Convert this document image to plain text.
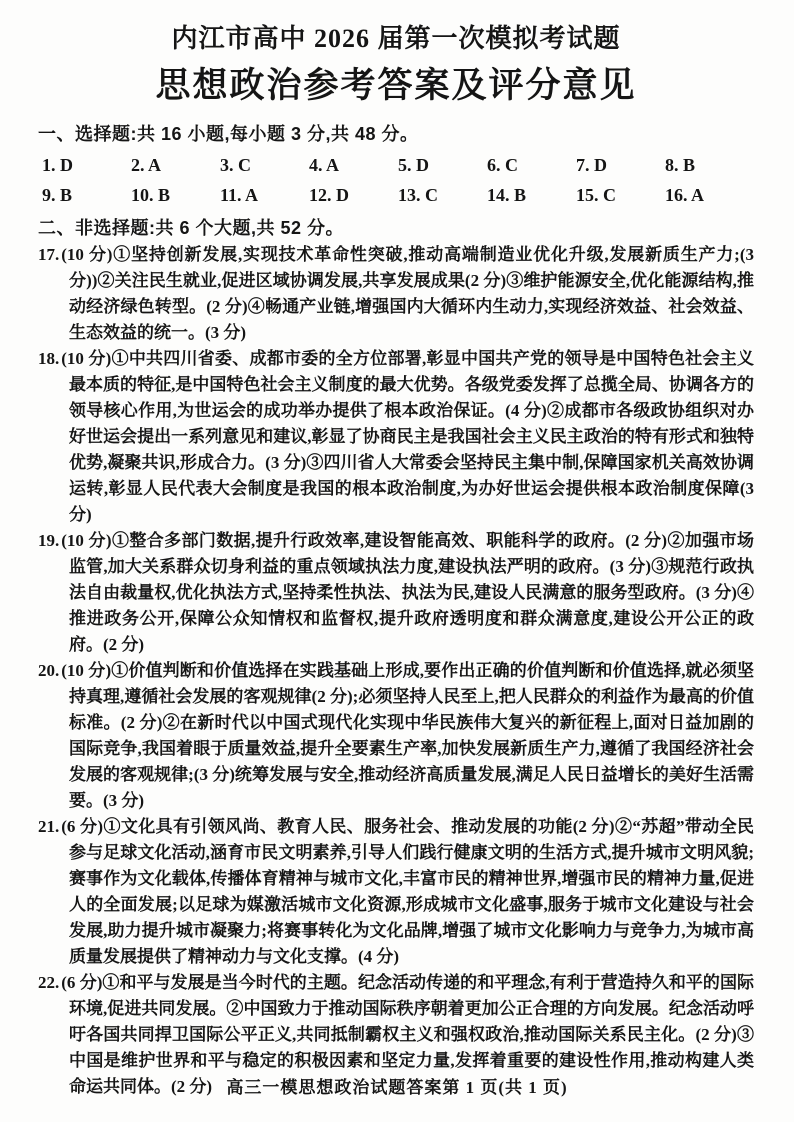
内江市高中 2026 届第一次模拟考试题
思想政治参考答案及评分意见

一、选择题:共 16 小题,每小题 3 分,共 48 分。

1. D	2. A	3. C	4. A	5. D	6. C	7. D	8. B
9. B	10. B	11. A	12. D	13. C	14. B	15. C	16. A

二、非选择题:共 6 个大题,共 52 分。

17. (10 分)①坚持创新发展,实现技术革命性突破,推动高端制造业优化升级,发展新质生产力;(3 分))②关注民生就业,促进区域协调发展,共享发展成果(2 分)③维护能源安全,优化能源结构,推动经济绿色转型。(2 分)④畅通产业链,增强国内大循环内生动力,实现经济效益、社会效益、生态效益的统一。(3 分)

18. (10 分)①中共四川省委、成都市委的全方位部署,彰显中国共产党的领导是中国特色社会主义最本质的特征,是中国特色社会主义制度的最大优势。各级党委发挥了总揽全局、协调各方的领导核心作用,为世运会的成功举办提供了根本政治保证。(4 分)②成都市各级政协组织对办好世运会提出一系列意见和建议,彰显了协商民主是我国社会主义民主政治的特有形式和独特优势,凝聚共识,形成合力。(3 分)③四川省人大常委会坚持民主集中制,保障国家机关高效协调运转,彰显人民代表大会制度是我国的根本政治制度,为办好世运会提供根本政治制度保障(3 分)

19. (10 分)①整合多部门数据,提升行政效率,建设智能高效、职能科学的政府。(2 分)②加强市场监管,加大关系群众切身利益的重点领域执法力度,建设执法严明的政府。(3 分)③规范行政执法自由裁量权,优化执法方式,坚持柔性执法、执法为民,建设人民满意的服务型政府。(3 分)④推进政务公开,保障公众知情权和监督权,提升政府透明度和群众满意度,建设公开公正的政府。(2 分)

20. (10 分)①价值判断和价值选择在实践基础上形成,要作出正确的价值判断和价值选择,就必须坚持真理,遵循社会发展的客观规律(2 分);必须坚持人民至上,把人民群众的利益作为最高的价值标准。(2 分)②在新时代以中国式现代化实现中华民族伟大复兴的新征程上,面对日益加剧的国际竞争,我国着眼于质量效益,提升全要素生产率,加快发展新质生产力,遵循了我国经济社会发展的客观规律;(3 分)统筹发展与安全,推动经济高质量发展,满足人民日益增长的美好生活需要。(3 分)

21. (6 分)①文化具有引领风尚、教育人民、服务社会、推动发展的功能(2 分)②“苏超”带动全民参与足球文化活动,涵育市民文明素养,引导人们践行健康文明的生活方式,提升城市文明风貌;赛事作为文化载体,传播体育精神与城市文化,丰富市民的精神世界,增强市民的精神力量,促进人的全面发展;以足球为媒激活城市文化资源,形成城市文化盛事,服务于城市文化建设与社会发展,助力提升城市凝聚力;将赛事转化为文化品牌,增强了城市文化影响力与竞争力,为城市高质量发展提供了精神动力与文化支撑。(4 分)

22. (6 分)①和平与发展是当今时代的主题。纪念活动传递的和平理念,有利于营造持久和平的国际环境,促进共同发展。②中国致力于推动国际秩序朝着更加公正合理的方向发展。纪念活动呼吁各国共同捍卫国际公平正义,共同抵制霸权主义和强权政治,推动国际关系民主化。(2 分)③中国是维护世界和平与稳定的积极因素和坚定力量,发挥着重要的建设性作用,推动构建人类命运共同体。(2 分) 高三一模思想政治试题答案第 1 页(共 1 页)
